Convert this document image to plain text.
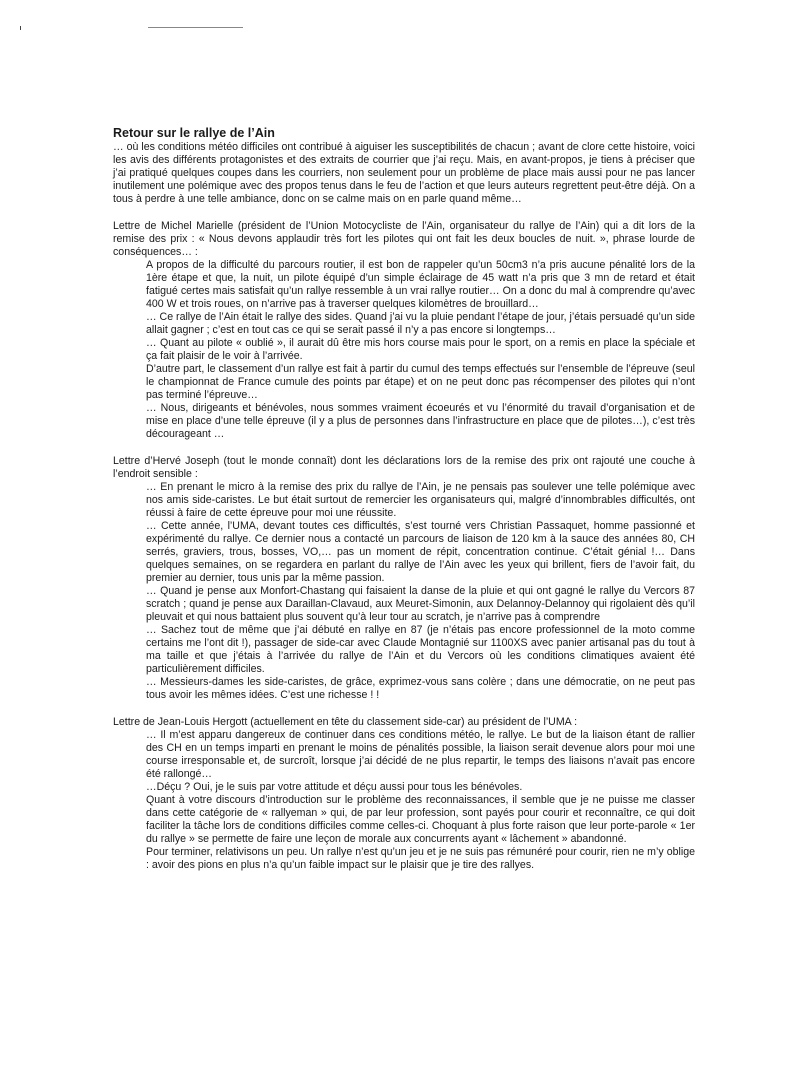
Retour sur le rallye de l’Ain

… où les conditions météo difficiles ont contribué à aiguiser les susceptibilités de chacun ; avant de clore cette histoire, voici les avis des différents protagonistes et des extraits de courrier que j’ai reçu. Mais, en avant-propos, je tiens à préciser que j’ai pratiqué quelques coupes dans les courriers, non seulement pour un problème de place mais aussi pour ne pas lancer inutilement une polémique avec des propos tenus dans le feu de l’action et que leurs auteurs regrettent peut-être déjà. On a tous à perdre à une telle ambiance, donc on se calme mais on en parle quand même…

Lettre de Michel Marielle (président de l’Union Motocycliste de l’Ain, organisateur du rallye de l’Ain) qui a dit lors de la remise des prix : « Nous devons applaudir très fort les pilotes qui ont fait les deux boucles de nuit. », phrase lourde de conséquences… :

A propos de la difficulté du parcours routier, il est bon de rappeler qu’un 50cm3 n’a pris aucune pénalité lors de la 1ère étape et que, la nuit, un pilote équipé d’un simple éclairage de 45 watt n’a pris que 3 mn de retard et était fatigué certes mais satisfait qu’un rallye ressemble à un vrai rallye routier… On a donc du mal à comprendre qu’avec 400 W et trois roues, on n’arrive pas à traverser quelques kilomètres de brouillard…

… Ce rallye de l’Ain était le rallye des sides. Quand j’ai vu la pluie pendant l’étape de jour, j’étais persuadé qu’un side allait gagner ; c’est en tout cas ce qui se serait passé il n’y a pas encore si longtemps…

… Quant au pilote « oublié », il aurait dû être mis hors course mais pour le sport, on a remis en place la spéciale et ça fait plaisir de le voir à l’arrivée.

D’autre part, le classement d’un rallye est fait à partir du cumul des temps effectués sur l’ensemble de l’épreuve (seul le championnat de France cumule des points par étape) et on ne peut donc pas récompenser des pilotes qui n’ont pas terminé l’épreuve…

… Nous, dirigeants et bénévoles, nous sommes vraiment écoeurés et vu l’énormité du travail d’organisation et de mise en place d’une telle épreuve (il y a plus de personnes dans l’infrastructure en place que de pilotes…), c’est très décourageant …

Lettre d’Hervé Joseph (tout le monde connaît) dont les déclarations lors de la remise des prix ont rajouté une couche à l’endroit sensible :

… En prenant le micro à la remise des prix du rallye de l’Ain, je ne pensais pas soulever une telle polémique avec nos amis side-caristes. Le but était surtout de remercier les organisateurs qui, malgré d’innombrables difficultés, ont réussi à faire de cette épreuve pour moi une réussite.

… Cette année, l’UMA, devant toutes ces difficultés, s’est tourné vers Christian Passaquet, homme passionné et expérimenté du rallye. Ce dernier nous a contacté un parcours de liaison de 120 km à la sauce des années 80, CH serrés, graviers, trous, bosses, VO,… pas un moment de répit, concentration continue. C’était génial !… Dans quelques semaines, on se regardera en parlant du rallye de l’Ain avec les yeux qui brillent, fiers de l’avoir fait, du premier au dernier, tous unis par la même passion.

… Quand je pense aux Monfort-Chastang qui faisaient la danse de la pluie et qui ont gagné le rallye du Vercors 87 scratch ; quand je pense aux Daraillan-Clavaud, aux Meuret-Simonin, aux Delannoy-Delannoy qui rigolaient dès qu’il pleuvait et qui nous battaient plus souvent qu’à leur tour au scratch, je n’arrive pas à comprendre

… Sachez tout de même que j’ai débuté en rallye en 87 (je n’étais pas encore professionnel de la moto comme certains me l’ont dit !), passager de side-car avec Claude Montagnié sur 1100XS avec panier artisanal pas du tout à ma taille et que j’étais à l’arrivée du rallye de l’Ain et du Vercors où les conditions climatiques avaient été particulièrement difficiles.

… Messieurs-dames les side-caristes, de grâce, exprimez-vous sans colère ; dans une démocratie, on ne peut pas tous avoir les mêmes idées. C’est une richesse ! !

Lettre de Jean-Louis Hergott (actuellement en tête du classement side-car) au président de l’UMA :

… Il m’est apparu dangereux de continuer dans ces conditions météo, le rallye. Le but de la liaison étant de rallier des CH en un temps imparti en prenant le moins de pénalités possible, la liaison serait devenue alors pour moi une course irresponsable et, de surcroît, lorsque j’ai décidé de ne plus repartir, le temps des liaisons n’avait pas encore été rallongé…

…Déçu ? Oui, je le suis par votre attitude et déçu aussi pour tous les bénévoles.

Quant à votre discours d’introduction sur le problème des reconnaissances, il semble que je ne puisse me classer dans cette catégorie de « rallyeman » qui, de par leur profession, sont payés pour courir et reconnaître, ce qui doit faciliter la tâche lors de conditions difficiles comme celles-ci. Choquant à plus forte raison que leur porte-parole « 1er du rallye » se permette de faire une leçon de morale aux concurrents ayant « lâchement » abandonné.

Pour terminer, relativisons un peu. Un rallye n’est qu’un jeu et je ne suis pas rémunéré pour courir, rien ne m’y oblige : avoir des pions en plus n’a qu’un faible impact sur le plaisir que je tire des rallyes.
